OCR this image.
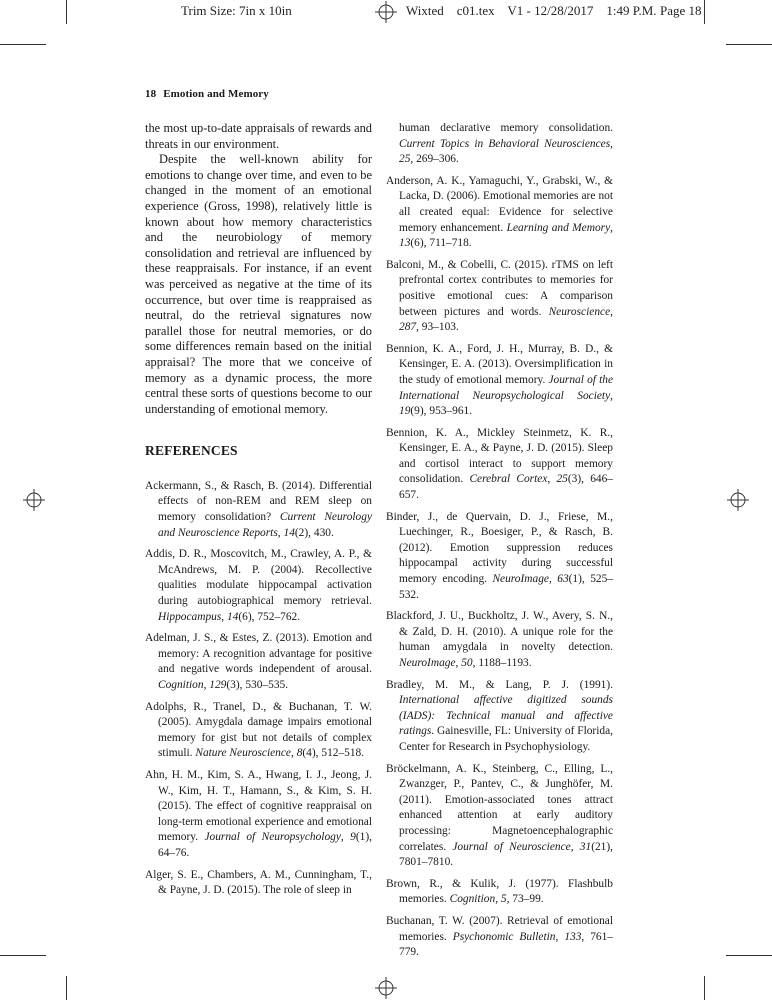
Trim Size: 7in x 10in	Wixted    c01.tex    V1 - 12/28/2017    1:49 P.M. Page 18
18 Emotion and Memory

the most up-to-date appraisals of rewards and threats in our environment.

Despite the well-known ability for emotions to change over time, and even to be changed in the moment of an emotional experience (Gross, 1998), relatively little is known about how memory characteristics and the neurobiology of memory consolidation and retrieval are influenced by these reappraisals. For instance, if an event was perceived as negative at the time of its occurrence, but over time is reappraised as neutral, do the retrieval signatures now parallel those for neutral memories, or do some differences remain based on the initial appraisal? The more that we conceive of memory as a dynamic process, the more central these sorts of questions become to our understanding of emotional memory.

REFERENCES
Ackermann, S., & Rasch, B. (2014). Differential effects of non-REM and REM sleep on memory consolidation? Current Neurology and Neuroscience Reports, 14(2), 430.
Addis, D. R., Moscovitch, M., Crawley, A. P., & McAndrews, M. P. (2004). Recollective qualities modulate hippocampal activation during autobiographical memory retrieval. Hippocampus, 14(6), 752–762.
Adelman, J. S., & Estes, Z. (2013). Emotion and memory: A recognition advantage for positive and negative words independent of arousal. Cognition, 129(3), 530–535.
Adolphs, R., Tranel, D., & Buchanan, T. W. (2005). Amygdala damage impairs emotional memory for gist but not details of complex stimuli. Nature Neuroscience, 8(4), 512–518.
Ahn, H. M., Kim, S. A., Hwang, I. J., Jeong, J. W., Kim, H. T., Hamann, S., & Kim, S. H. (2015). The effect of cognitive reappraisal on long-term emotional experience and emotional memory. Journal of Neuropsychology, 9(1), 64–76.
Alger, S. E., Chambers, A. M., Cunningham, T., & Payne, J. D. (2015). The role of sleep in
human declarative memory consolidation. Current Topics in Behavioral Neurosciences, 25, 269–306.
Anderson, A. K., Yamaguchi, Y., Grabski, W., & Lacka, D. (2006). Emotional memories are not all created equal: Evidence for selective memory enhancement. Learning and Memory, 13(6), 711–718.
Balconi, M., & Cobelli, C. (2015). rTMS on left prefrontal cortex contributes to memories for positive emotional cues: A comparison between pictures and words. Neuroscience, 287, 93–103.
Bennion, K. A., Ford, J. H., Murray, B. D., & Kensinger, E. A. (2013). Oversimplification in the study of emotional memory. Journal of the International Neuropsychological Society, 19(9), 953–961.
Bennion, K. A., Mickley Steinmetz, K. R., Kensinger, E. A., & Payne, J. D. (2015). Sleep and cortisol interact to support memory consolidation. Cerebral Cortex, 25(3), 646–657.
Binder, J., de Quervain, D. J., Friese, M., Luechinger, R., Boesiger, P., & Rasch, B. (2012). Emotion suppression reduces hippocampal activity during successful memory encoding. NeuroImage, 63(1), 525–532.
Blackford, J. U., Buckholtz, J. W., Avery, S. N., & Zald, D. H. (2010). A unique role for the human amygdala in novelty detection. NeuroImage, 50, 1188–1193.
Bradley, M. M., & Lang, P. J. (1991). International affective digitized sounds (IADS): Technical manual and affective ratings. Gainesville, FL: University of Florida, Center for Research in Psychophysiology.
Bröckelmann, A. K., Steinberg, C., Elling, L., Zwanzger, P., Pantev, C., & Junghöfer, M. (2011). Emotion-associated tones attract enhanced attention at early auditory processing: Magnetoencephalographic correlates. Journal of Neuroscience, 31(21), 7801–7810.
Brown, R., & Kulik, J. (1977). Flashbulb memories. Cognition, 5, 73–99.
Buchanan, T. W. (2007). Retrieval of emotional memories. Psychonomic Bulletin, 133, 761–779.
